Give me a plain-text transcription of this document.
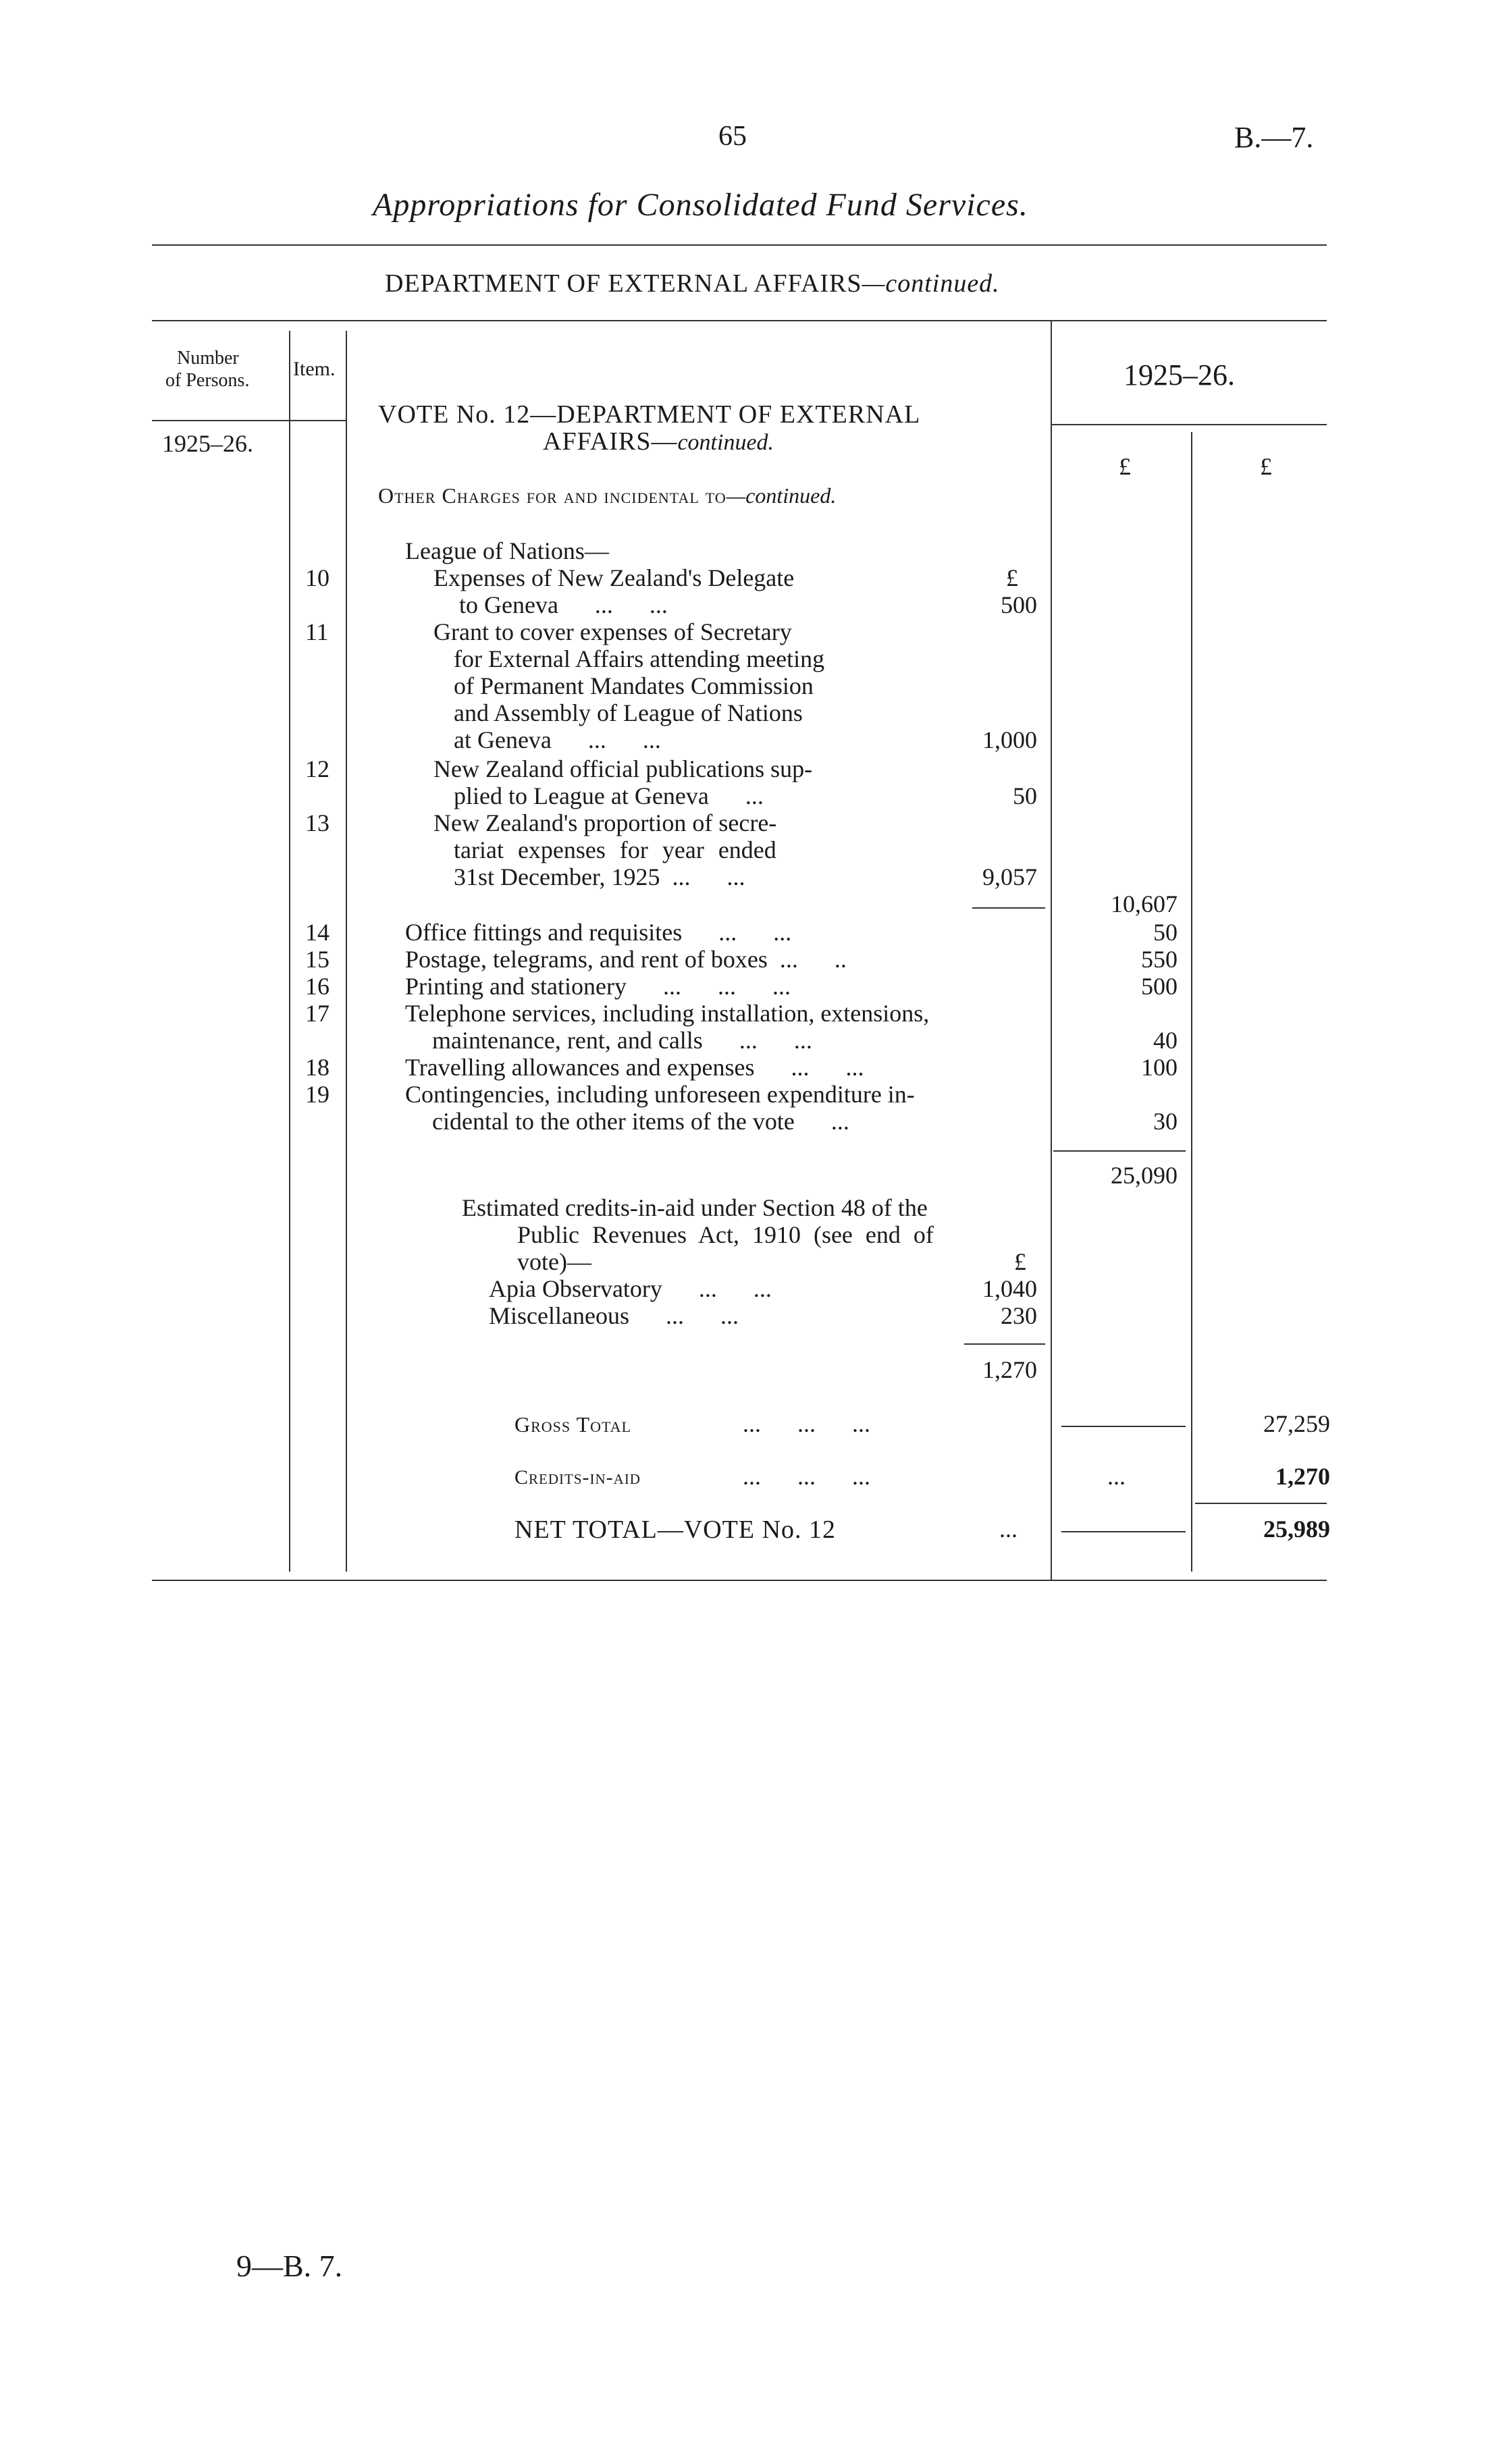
65	B.—7.
Appropriations for Consolidated Fund Services.
DEPARTMENT OF EXTERNAL AFFAIRS—continued.
Number
of Persons.
Item.
1925–26.
1925–26.
£	£
VOTE No. 12—DEPARTMENT OF EXTERNAL
AFFAIRS—continued.
Other Charges for and incidental to—continued.
League of Nations—
£
10	Expenses of New Zealand's Delegate
to Geneva      ...      ...	500
11	Grant to cover expenses of Secretary
for External Affairs attending meeting
of Permanent Mandates Commission
and Assembly of League of Nations
at Geneva      ...      ...	1,000
12	New Zealand official publications sup-
plied to League at Geneva      ...	50
13	New Zealand's proportion of secre-
tariat expenses for year ended
31st December, 1925  ...      ...	9,057
10,607
14	Office fittings and requisites      ...      ...	50
15	Postage, telegrams, and rent of boxes  ...      ..	550
16	Printing and stationery      ...      ...      ...	500
17	Telephone services, including installation, extensions,
maintenance, rent, and calls      ...      ...	40
18	Travelling allowances and expenses      ...      ...	100
19	Contingencies, including unforeseen expenditure in-
cidental to the other items of the vote      ...	30
25,090
Estimated credits-in-aid under Section 48 of the
Public Revenues Act, 1910 (see end of
vote)—	£
Apia Observatory      ...      ...	1,040
Miscellaneous      ...      ...	230
1,270
Gross Total	...      ...      ...	27,259
Credits-in-aid	...      ...      ...	...	1,270
NET TOTAL—VOTE No. 12	...	25,989
9—B. 7.
